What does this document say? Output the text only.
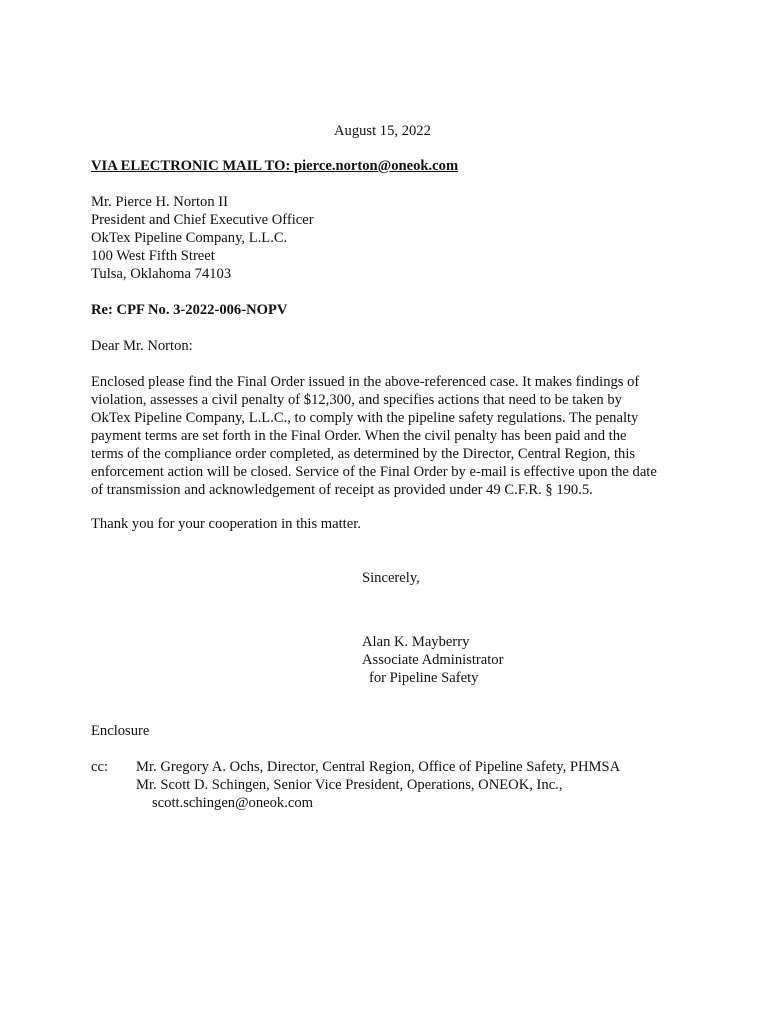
August 15, 2022
VIA ELECTRONIC MAIL TO: pierce.norton@oneok.com
Mr. Pierce H. Norton II
President and Chief Executive Officer
OkTex Pipeline Company, L.L.C.
100 West Fifth Street
Tulsa, Oklahoma 74103
Re: CPF No. 3-2022-006-NOPV
Dear Mr. Norton:
Enclosed please find the Final Order issued in the above-referenced case. It makes findings of
violation, assesses a civil penalty of $12,300, and specifies actions that need to be taken by
OkTex Pipeline Company, L.L.C., to comply with the pipeline safety regulations. The penalty
payment terms are set forth in the Final Order. When the civil penalty has been paid and the
terms of the compliance order completed, as determined by the Director, Central Region, this
enforcement action will be closed. Service of the Final Order by e-mail is effective upon the date
of transmission and acknowledgement of receipt as provided under 49 C.F.R. § 190.5.
Thank you for your cooperation in this matter.
Sincerely,
Alan K. Mayberry
Associate Administrator
for Pipeline Safety
Enclosure
cc: Mr. Gregory A. Ochs, Director, Central Region, Office of Pipeline Safety, PHMSA
Mr. Scott D. Schingen, Senior Vice President, Operations, ONEOK, Inc.,
scott.schingen@oneok.com
